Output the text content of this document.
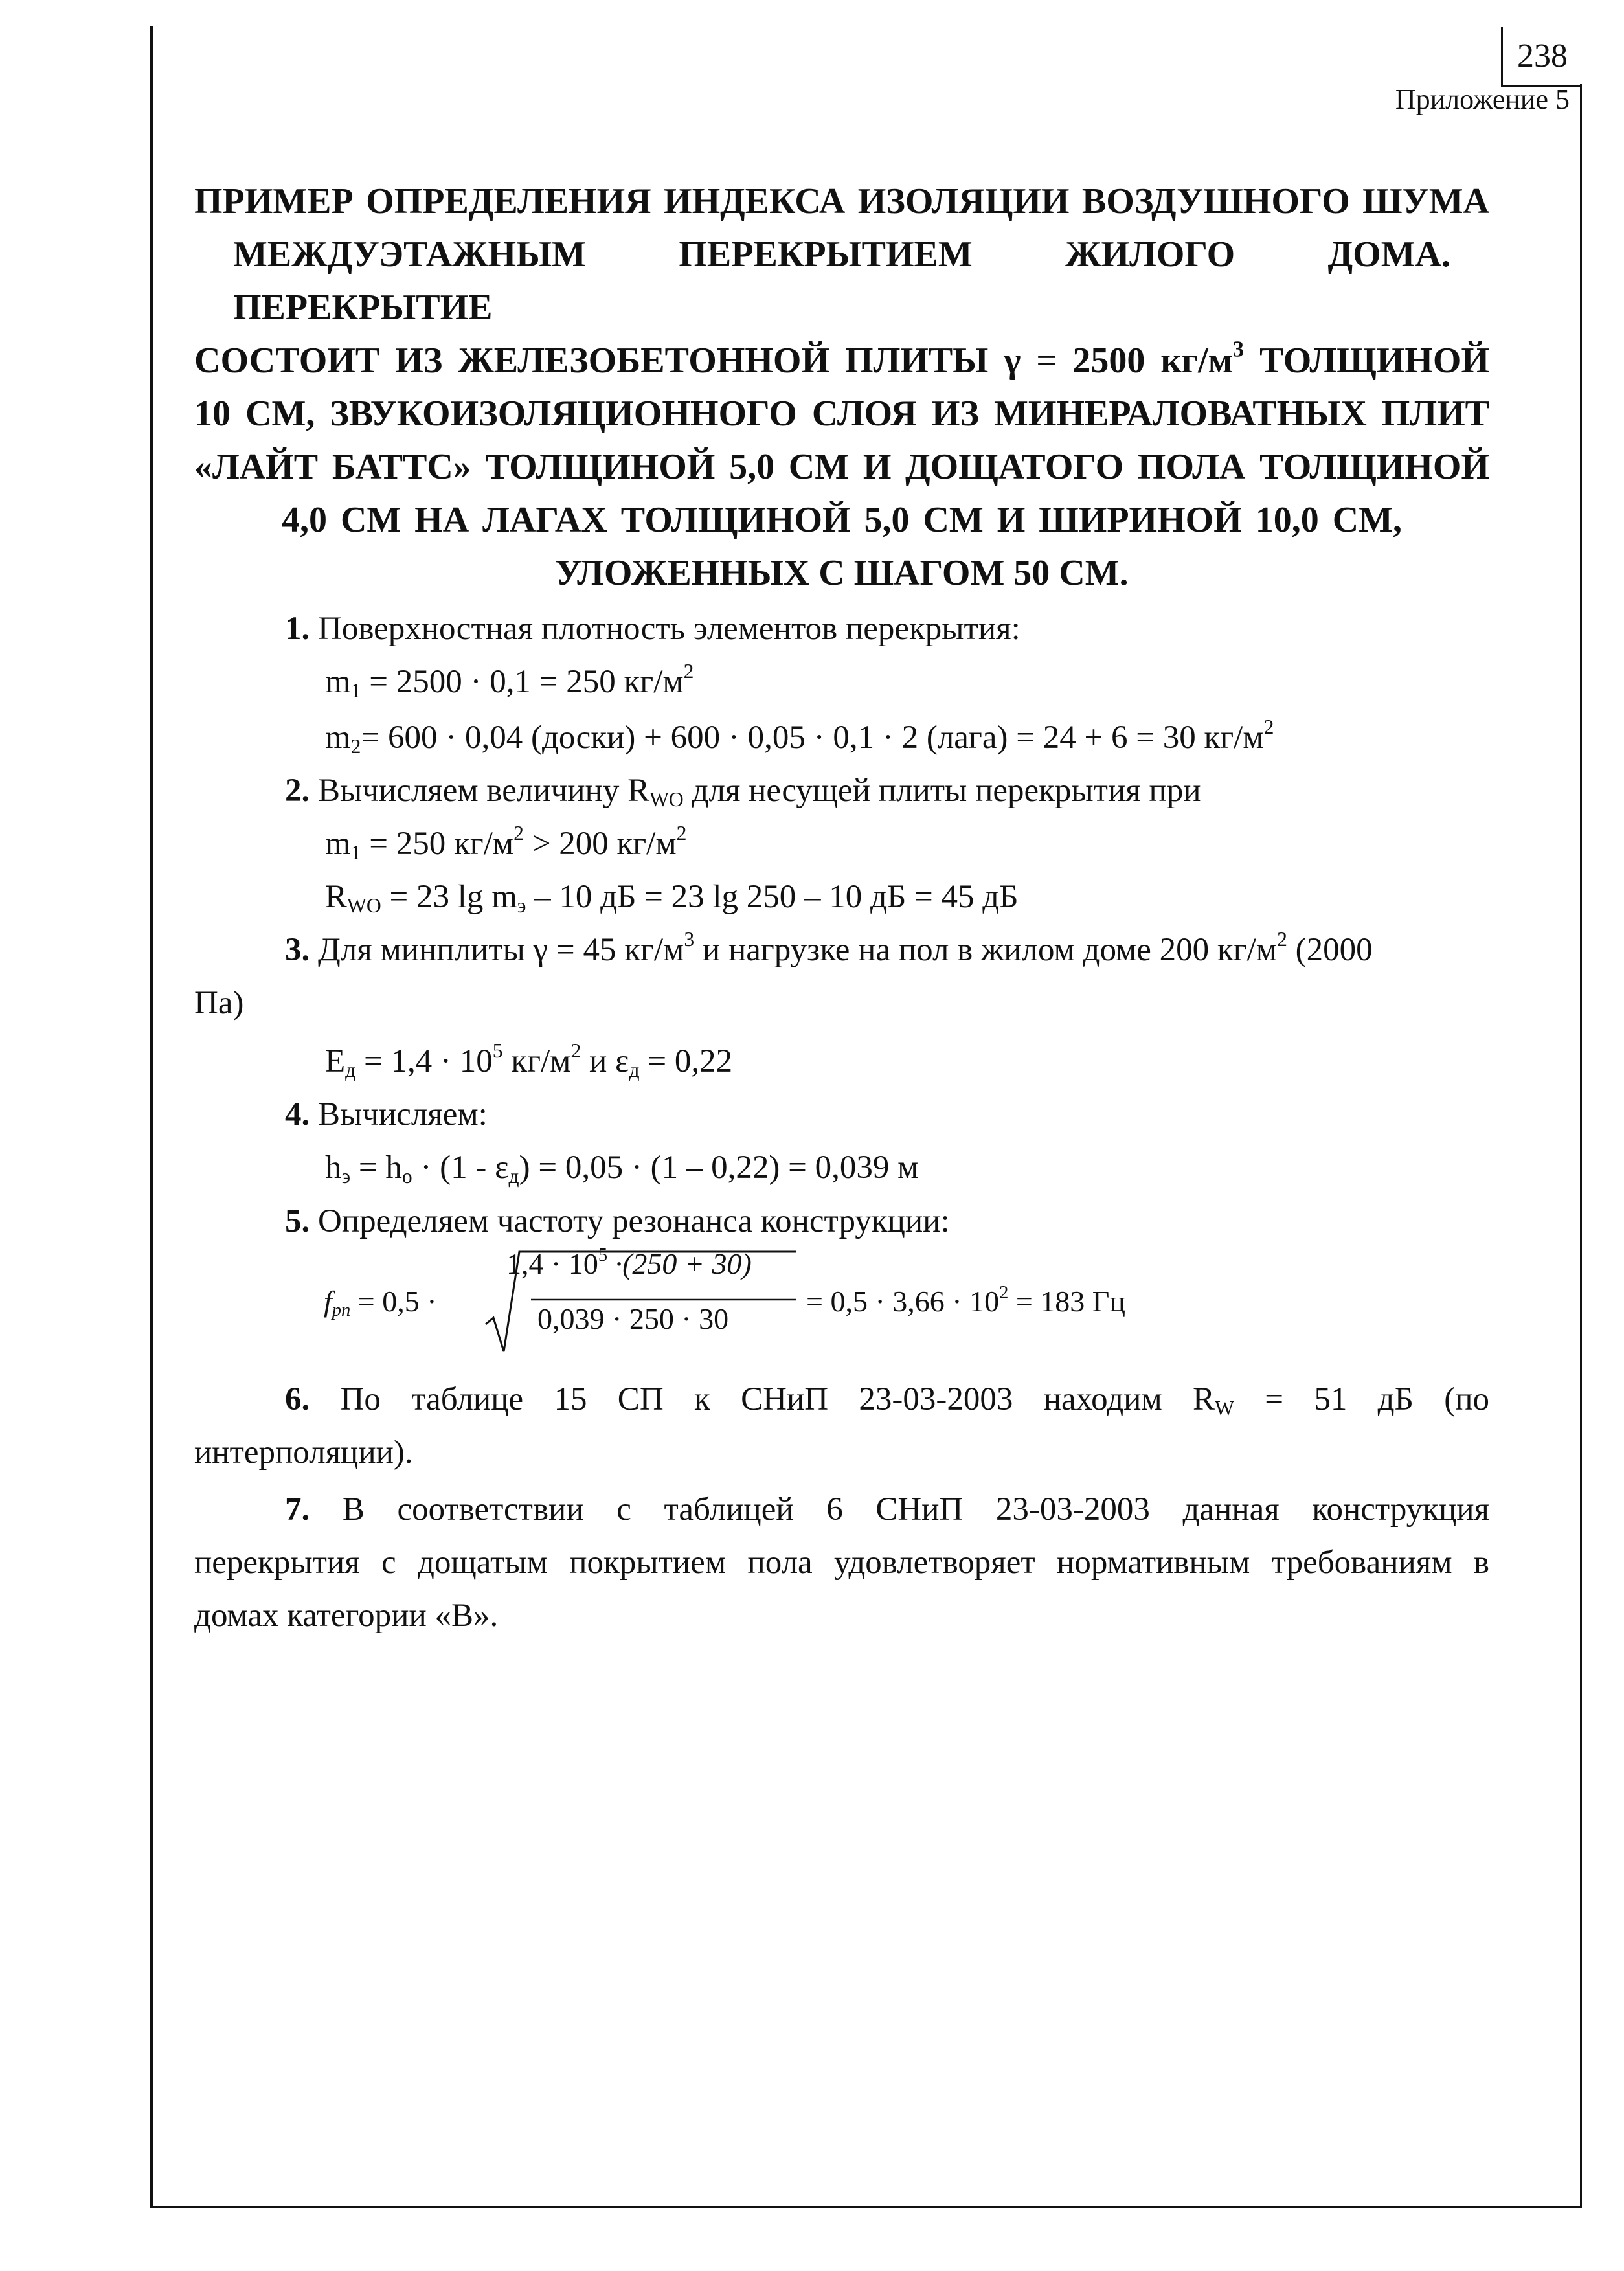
238
Приложение 5
ПРИМЕР ОПРЕДЕЛЕНИЯ ИНДЕКСА ИЗОЛЯЦИИ ВОЗДУШНОГО ШУМА
МЕЖДУЭТАЖНЫМ ПЕРЕКРЫТИЕМ ЖИЛОГО ДОМА. ПЕРЕКРЫТИЕ
СОСТОИТ ИЗ ЖЕЛЕЗОБЕТОННОЙ ПЛИТЫ γ = 2500 $кг/м^3$ ТОЛЩИНОЙ
10 СМ, ЗВУКОИЗОЛЯЦИОННОГО СЛОЯ ИЗ МИНЕРАЛОВАТНЫХ ПЛИТ
«ЛАЙТ БАТТС» ТОЛЩИНОЙ 5,0 СМ И ДОЩАТОГО ПОЛА ТОЛЩИНОЙ
4,0 СМ НА ЛАГАХ ТОЛЩИНОЙ 5,0 СМ И ШИРИНОЙ 10,0 СМ,
УЛОЖЕННЫХ С ШАГОМ 50 СМ.
1. Поверхностная плотность элементов перекрытия:
$m_1 = 2500 \cdot 0,1 = 250$ $кг/м^2$
$m_2= 600 \cdot 0,04$ (доски) + 600 · 0,05 · 0,1 · 2 (лага) = 24 + 6 = 30 $кг/м^2$
2. Вычисляем величину $R_{WO}$ для несущей плиты перекрытия при
$m_1 = 250$ $кг/м^2 > 200$ $кг/м^2$
$R_{WO} = 23$ $\lg m_э - 10$ дБ = 23 lg 250 – 10 дБ = 45 дБ
3. Для минплиты γ = 45 $кг/м^3$ и нагрузке на пол в жилом доме 200 $кг/м^2$ (2000
Па)
$E_д = 1,4 \cdot 10^5$ $кг/м^2$ и $\varepsilon_д = 0,22$
4. Вычисляем:
$h_э = h_o \cdot (1 - \varepsilon_д) = 0,05 \cdot (1 - 0,22) = 0,039$ м
5. Определяем частоту резонанса конструкции:
6. По таблице 15 СП к СНиП 23-03-2003 находим $R_W = 51$ дБ (по
интерполяции).
7. В соответствии с таблицей 6 СНиП 23-03-2003 данная конструкция
перекрытия с дощатым покрытием пола удовлетворяет нормативным требованиям в
домах категории «В».
$f_{pn} = 0,5$ ·
$1,4 \cdot 10^5 \cdot(250 + 30)$
0,039 · 250 · 30
= $0,5 \cdot 3,66 \cdot 10^2 = 183$ Гц
